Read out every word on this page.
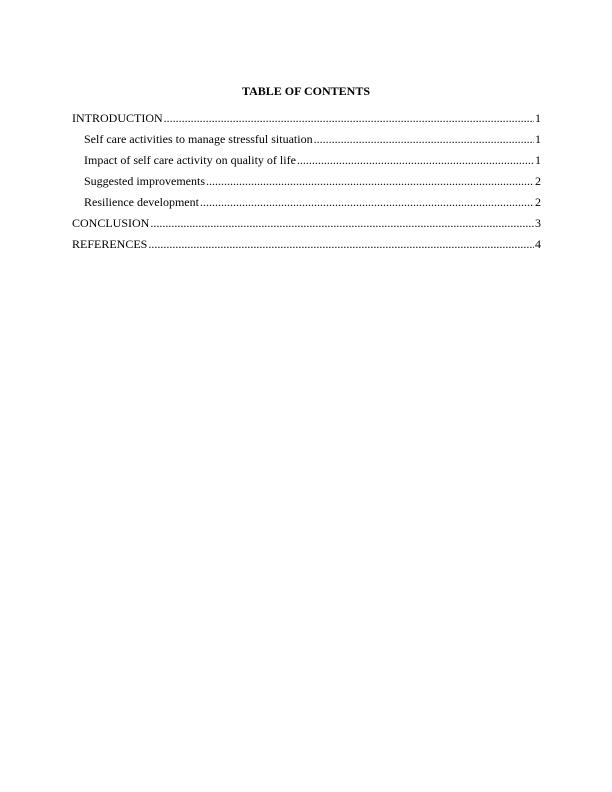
TABLE OF CONTENTS
INTRODUCTION .....	1
Self care activities to manage stressful situation .....	1
Impact of self care activity on quality of life .....	1
Suggested improvements .....	2
Resilience development .....	2
CONCLUSION .....	3
REFERENCES .....	4
